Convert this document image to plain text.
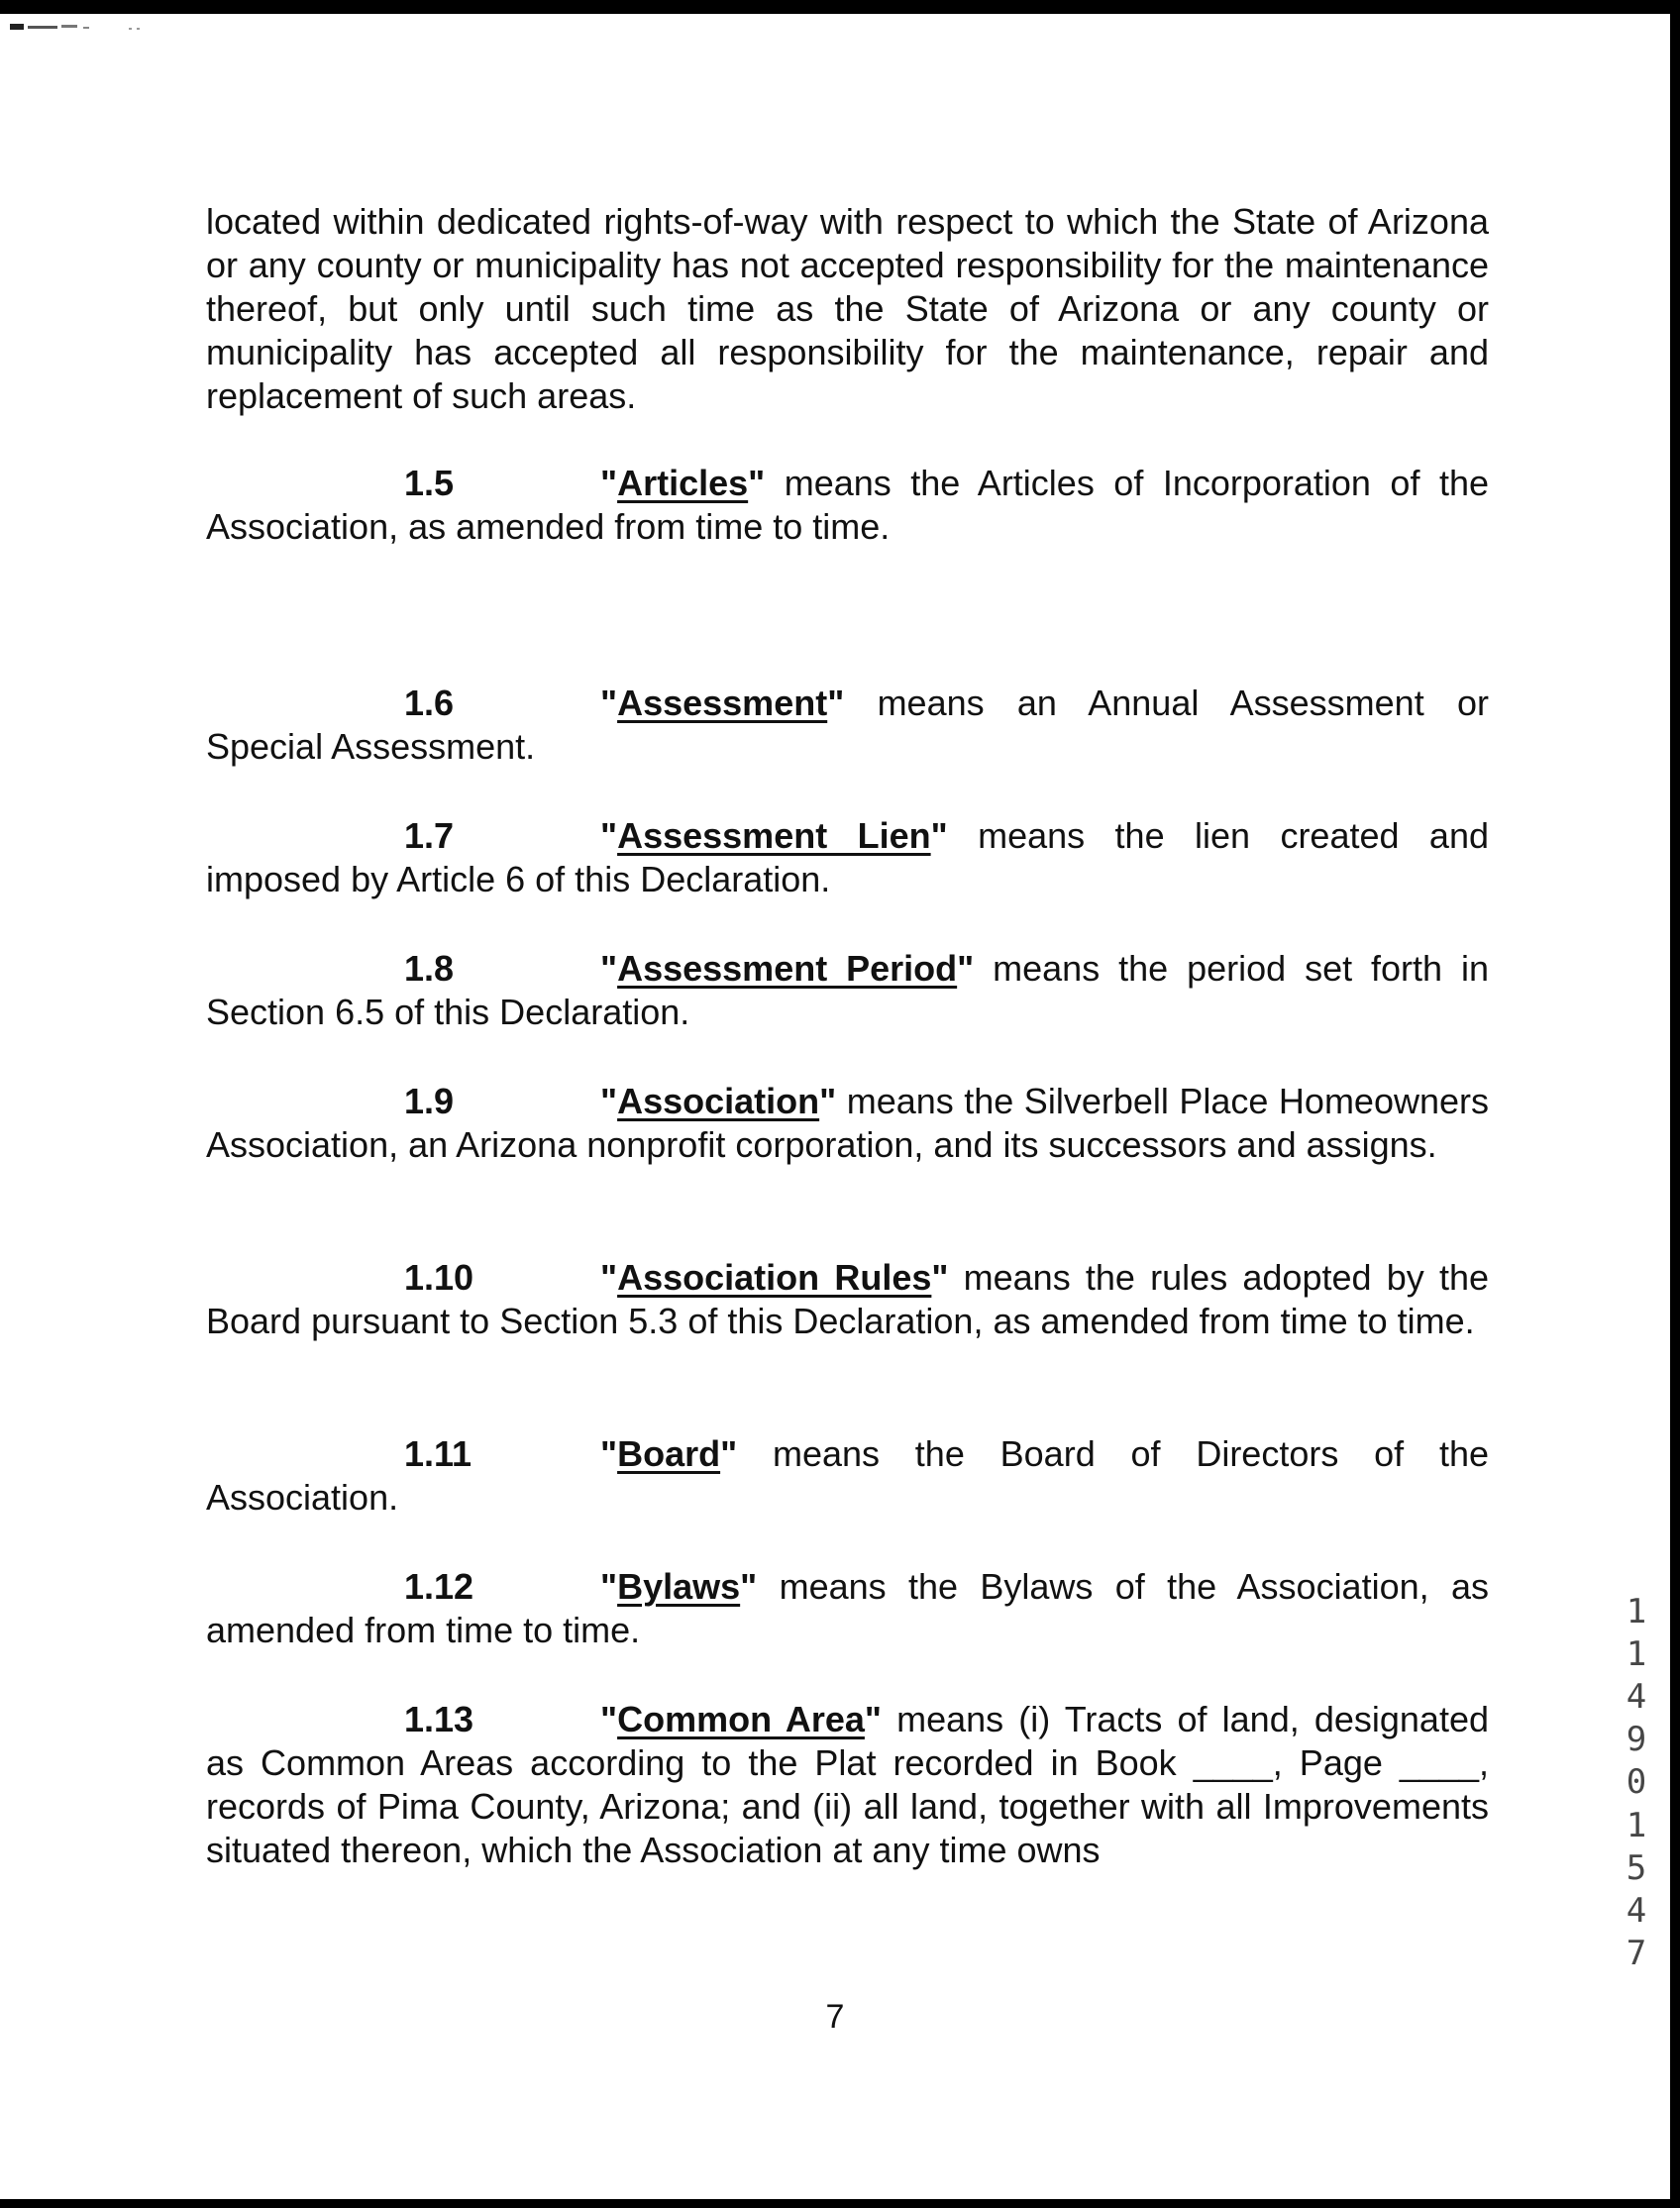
located within dedicated rights-of-way with respect to which the State of Arizona or any county or municipality has not accepted responsibility for the maintenance thereof, but only until such time as the State of Arizona or any county or municipality has accepted all responsibility for the maintenance, repair and replacement of such areas.

1.5	"Articles" means the Articles of Incorporation of the Association, as amended from time to time.

1.6	"Assessment" means an Annual Assessment or Special Assessment.

1.7	"Assessment Lien" means the lien created and imposed by Article 6 of this Declaration.

1.8	"Assessment Period" means the period set forth in Section 6.5 of this Declaration.

1.9	"Association" means the Silverbell Place Homeowners Association, an Arizona nonprofit corporation, and its successors and assigns.

1.10	"Association Rules" means the rules adopted by the Board pursuant to Section 5.3 of this Declaration, as amended from time to time.

1.11	"Board" means the Board of Directors of the Association.

1.12	"Bylaws" means the Bylaws of the Association, as amended from time to time.

1.13	"Common Area" means (i) Tracts of land, designated as Common Areas according to the Plat recorded in Book ____, Page ____, records of Pima County, Arizona; and (ii) all land, together with all Improvements situated thereon, which the Association at any time owns

7
1
1
4
9
0
1
5
4
7
